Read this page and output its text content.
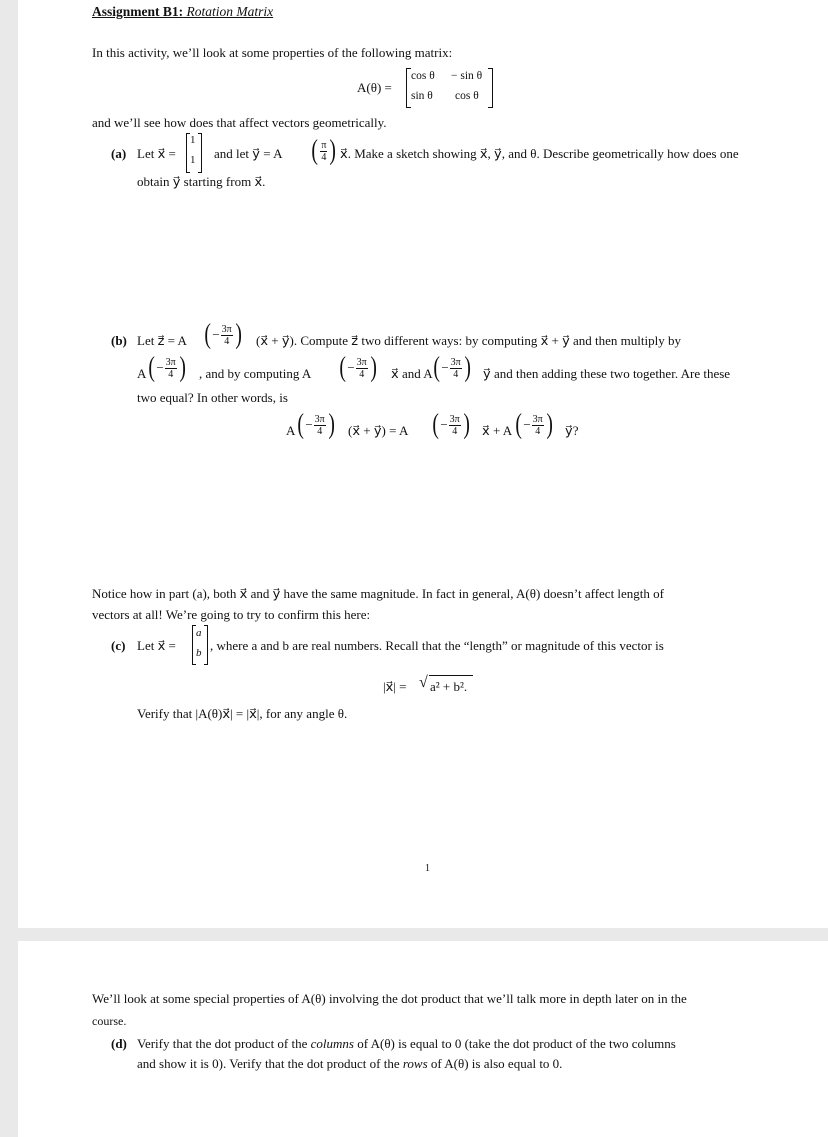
Assignment B1: Rotation Matrix
In this activity, we’ll look at some properties of the following matrix:
A(θ) =
cos θ − sin θ
sin θ cos θ
and we’ll see how does that affect vectors geometrically.
(a) Let x⃗ =
1
1 and let y⃗ = A ( $\frac{\pi}{4}$ ) x⃗. Make a sketch showing x⃗, y⃗, and θ. Describe geometrically how does one
obtain y⃗ starting from x⃗.
(b) Let z⃗ = A (− $\frac{3\pi}{4}$ ) (x⃗ + y⃗). Compute z⃗ two different ways: by computing x⃗ + y⃗ and then multiply by
A (− $\frac{3\pi}{4}$ ) , and by computing A (− $\frac{3\pi}{4}$ ) x⃗ and A (− $\frac{3\pi}{4}$ ) y⃗ and then adding these two together. Are these
two equal? In other words, is
A (− $\frac{3\pi}{4}$ ) (x⃗ + y⃗) = A (− $\frac{3\pi}{4}$ ) x⃗ + A (− $\frac{3\pi}{4}$ ) y⃗?
Notice how in part (a), both x⃗ and y⃗ have the same magnitude. In fact in general, A(θ) doesn’t affect length of
vectors at all! We’re going to try to confirm this here:
(c) Let x⃗ =
a
b , where a and b are real numbers. Recall that the “length” or magnitude of this vector is
|x⃗| = √ a² + b².
Verify that |A(θ)x⃗| = |x⃗|, for any angle θ.
1
We’ll look at some special properties of A(θ) involving the dot product that we’ll talk more in depth later on in the
course.
(d) Verify that the dot product of the columns of A(θ) is equal to 0 (take the dot product of the two columns
and show it is 0). Verify that the dot product of the rows of A(θ) is also equal to 0.
